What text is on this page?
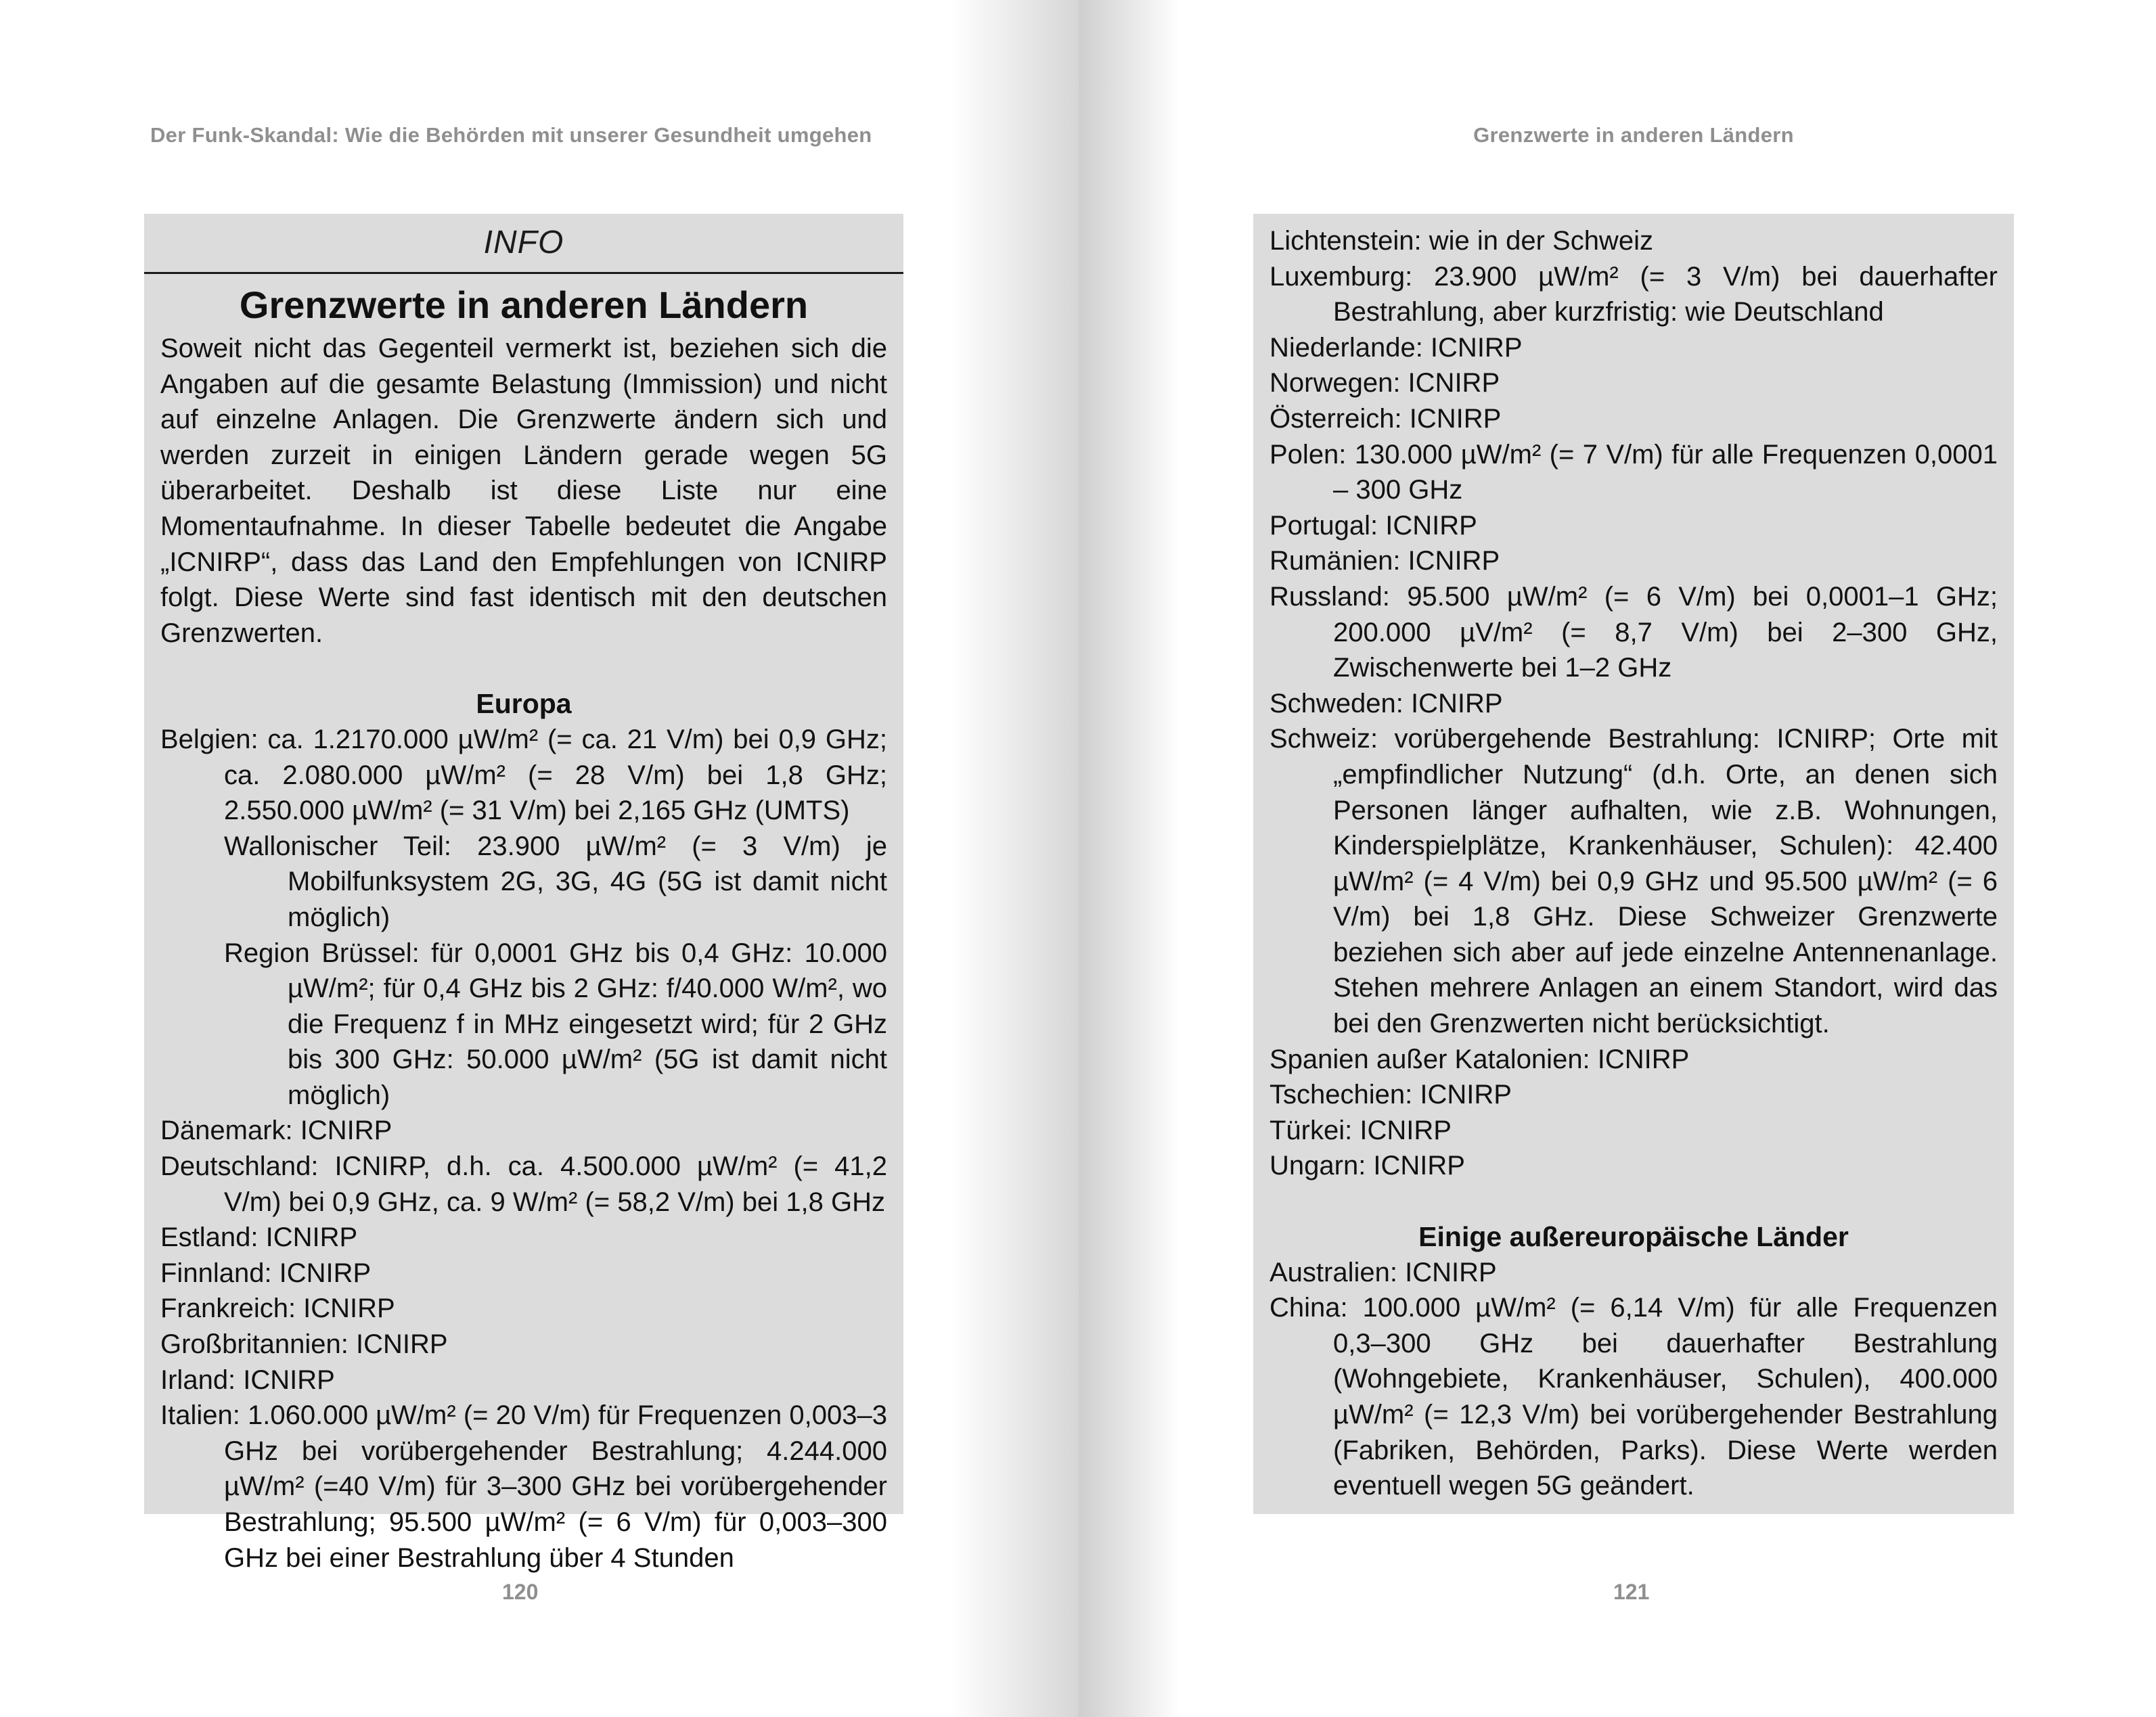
Der Funk-Skandal: Wie die Behörden mit unserer Gesundheit umgehen
INFO
Grenzwerte in anderen Ländern

Soweit nicht das Gegenteil vermerkt ist, beziehen sich die Angaben auf die gesamte Belastung (Immission) und nicht auf einzelne Anlagen. Die Grenzwerte ändern sich und werden zurzeit in einigen Ländern gerade wegen 5G überarbeitet. Deshalb ist diese Liste nur eine Momentaufnahme. In dieser Tabelle bedeutet die Angabe „ICNIRP“, dass das Land den Empfehlungen von ICNIRP folgt. Diese Werte sind fast identisch mit den deutschen Grenzwerten.

Europa

Belgien: ca. 1.2170.000 µW/m² (= ca. 21 V/m) bei 0,9 GHz; ca. 2.080.000 µW/m² (= 28 V/m) bei 1,8 GHz; 2.550.000 µW/m² (= 31 V/m) bei 2,165 GHz (UMTS)

Wallonischer Teil: 23.900 µW/m² (= 3 V/m) je Mobilfunksystem 2G, 3G, 4G (5G ist damit nicht möglich)

Region Brüssel: für 0,0001 GHz bis 0,4 GHz: 10.000 µW/m²; für 0,4 GHz bis 2 GHz: f/40.000 W/m², wo die Frequenz f in MHz eingesetzt wird; für 2 GHz bis 300 GHz: 50.000 µW/m² (5G ist damit nicht möglich)

Dänemark: ICNIRP

Deutschland: ICNIRP, d.h. ca. 4.500.000 µW/m² (= 41,2 V/m) bei 0,9 GHz, ca. 9 W/m² (= 58,2 V/m) bei 1,8 GHz

Estland: ICNIRP

Finnland: ICNIRP

Frankreich: ICNIRP

Großbritannien: ICNIRP

Irland: ICNIRP

Italien: 1.060.000 µW/m² (= 20 V/m) für Frequenzen 0,003–3 GHz bei vorübergehender Bestrahlung; 4.244.000 µW/m² (=40 V/m) für 3–300 GHz bei vorübergehender Bestrahlung; 95.500 µW/m² (= 6 V/m) für 0,003–300 GHz bei einer Bestrahlung über 4 Stunden

120
Grenzwerte in anderen Ländern

Lichtenstein: wie in der Schweiz

Luxemburg: 23.900 µW/m² (= 3 V/m) bei dauerhafter Bestrahlung, aber kurzfristig: wie Deutschland

Niederlande: ICNIRP

Norwegen: ICNIRP

Österreich: ICNIRP

Polen: 130.000 µW/m² (= 7 V/m) für alle Frequenzen 0,0001 – 300 GHz

Portugal: ICNIRP

Rumänien: ICNIRP

Russland: 95.500 µW/m² (= 6 V/m) bei 0,0001–1 GHz; 200.000 µV/m² (= 8,7 V/m) bei 2–300 GHz, Zwischenwerte bei 1–2 GHz

Schweden: ICNIRP

Schweiz: vorübergehende Bestrahlung: ICNIRP; Orte mit „empfindlicher Nutzung“ (d.h. Orte, an denen sich Personen länger aufhalten, wie z.B. Wohnungen, Kinderspielplätze, Krankenhäuser, Schulen): 42.400 µW/m² (= 4 V/m) bei 0,9 GHz und 95.500 µW/m² (= 6 V/m) bei 1,8 GHz. Diese Schweizer Grenzwerte beziehen sich aber auf jede einzelne Antennenanlage. Stehen mehrere Anlagen an einem Standort, wird das bei den Grenzwerten nicht berücksichtigt.

Spanien außer Katalonien: ICNIRP

Tschechien: ICNIRP

Türkei: ICNIRP

Ungarn: ICNIRP

Einige außereuropäische Länder

Australien: ICNIRP

China: 100.000 µW/m² (= 6,14 V/m) für alle Frequenzen 0,3–300 GHz bei dauerhafter Bestrahlung (Wohngebiete, Krankenhäuser, Schulen), 400.000 µW/m² (= 12,3 V/m) bei vorübergehender Bestrahlung (Fabriken, Behörden, Parks). Diese Werte werden eventuell wegen 5G geändert.

121
